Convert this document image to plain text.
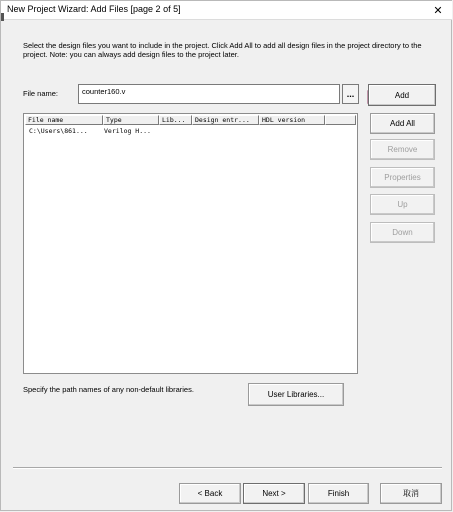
New Project Wizard: Add Files [page 2 of 5]	✕
Select the design files you want to include in the project. Click Add All to add all design files in the project directory to the project. Note: you can always add design files to the project later.
File name:
counter160.v	...	Add
Add All
Remove
Properties
Up
Down
File name	Type	Lib...	Design entr...	HDL version
C:\Users\861...	Verilog H...
Specify the path names of any non-default libraries.
User Libraries...
< Back	Next >	Finish	取消
